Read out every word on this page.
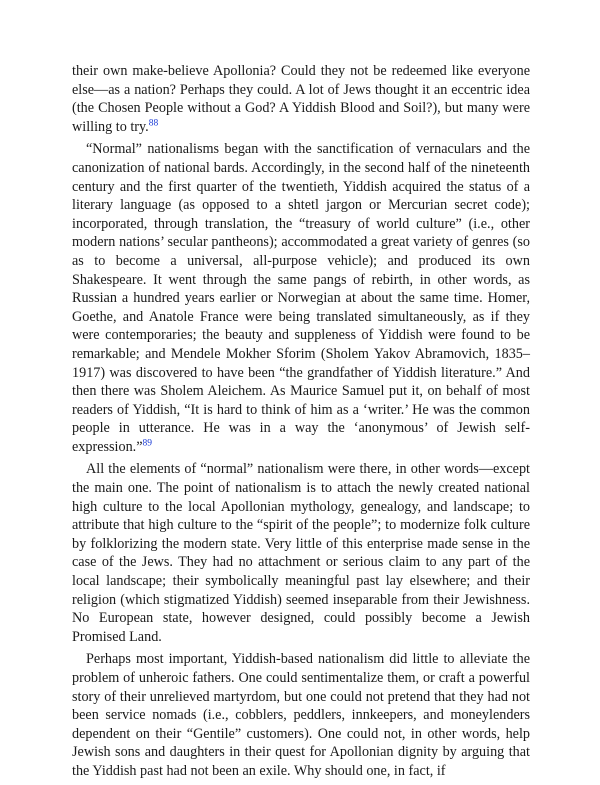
their own make-believe Apollonia? Could they not be redeemed like everyone else—as a nation? Perhaps they could. A lot of Jews thought it an eccentric idea (the Chosen People without a God? A Yiddish Blood and Soil?), but many were willing to try.$^{88}$

“Normal” nationalisms began with the sanctification of vernaculars and the canonization of national bards. Accordingly, in the second half of the nineteenth century and the first quarter of the twentieth, Yiddish acquired the status of a literary language (as opposed to a shtetl jargon or Mercurian secret code); incorporated, through translation, the “treasury of world culture” (i.e., other modern nations’ secular pantheons); accommodated a great variety of genres (so as to become a universal, all-purpose vehicle); and produced its own Shakespeare. It went through the same pangs of rebirth, in other words, as Russian a hundred years earlier or Norwegian at about the same time. Homer, Goethe, and Anatole France were being translated simultaneously, as if they were contemporaries; the beauty and suppleness of Yiddish were found to be remarkable; and Mendele Mokher Sforim (Sholem Yakov Abramovich, 1835–1917) was discovered to have been “the grandfather of Yiddish literature.” And then there was Sholem Aleichem. As Maurice Samuel put it, on behalf of most readers of Yiddish, “It is hard to think of him as a ‘writer.’ He was the common people in utterance. He was in a way the ‘anonymous’ of Jewish self-expression.”$^{89}$

All the elements of “normal” nationalism were there, in other words—except the main one. The point of nationalism is to attach the newly created national high culture to the local Apollonian mythology, genealogy, and landscape; to attribute that high culture to the “spirit of the people”; to modernize folk culture by folklorizing the modern state. Very little of this enterprise made sense in the case of the Jews. They had no attachment or serious claim to any part of the local landscape; their symbolically meaningful past lay elsewhere; and their religion (which stigmatized Yiddish) seemed inseparable from their Jewishness. No European state, however designed, could possibly become a Jewish Promised Land.

Perhaps most important, Yiddish-based nationalism did little to alleviate the problem of unheroic fathers. One could sentimentalize them, or craft a powerful story of their unrelieved martyrdom, but one could not pretend that they had not been service nomads (i.e., cobblers, peddlers, innkeepers, and moneylenders dependent on their “Gentile” customers). One could not, in other words, help Jewish sons and daughters in their quest for Apollonian dignity by arguing that the Yiddish past had not been an exile. Why should one, in fact, if
